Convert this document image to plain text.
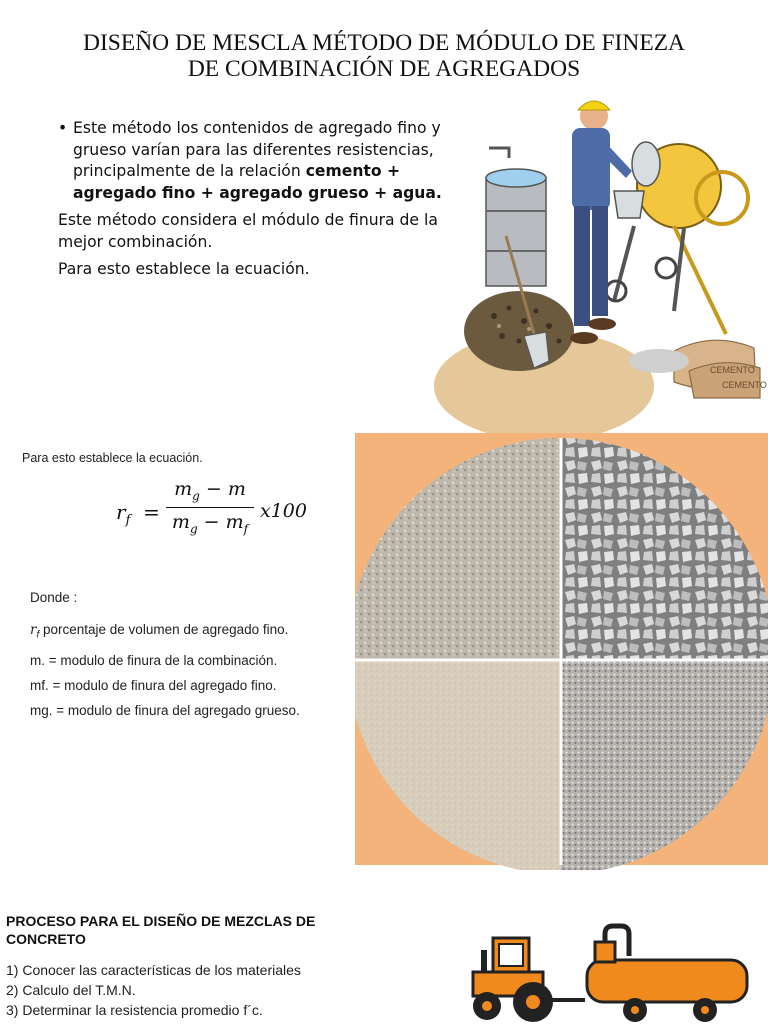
DISEÑO DE MESCLA MÉTODO DE MÓDULO DE FINEZA
DE COMBINACIÓN DE AGREGADOS
• Este método los contenidos de agregado fino y grueso varían para las diferentes resistencias, principalmente de la relación cemento + agregado fino + agregado grueso + agua.

Este método considera el módulo de finura de la mejor combinación.

Para esto establece la ecuación.

CEMENTO
CEMENTO
Para esto establece la ecuación.
$r_f$  =
$m_g - m$
$m_g - m_f$
x100
Donde :
$r_f$ porcentaje de volumen de agregado fino.
m. = modulo de finura de la combinación.
mf. = modulo de finura del agregado fino.
mg. = modulo de finura del agregado grueso.
PROCESO PARA EL DISEÑO DE MEZCLAS DE CONCRETO
1) Conocer las características de los materiales
2) Calculo del T.M.N.
3) Determinar la resistencia promedio f´c.
